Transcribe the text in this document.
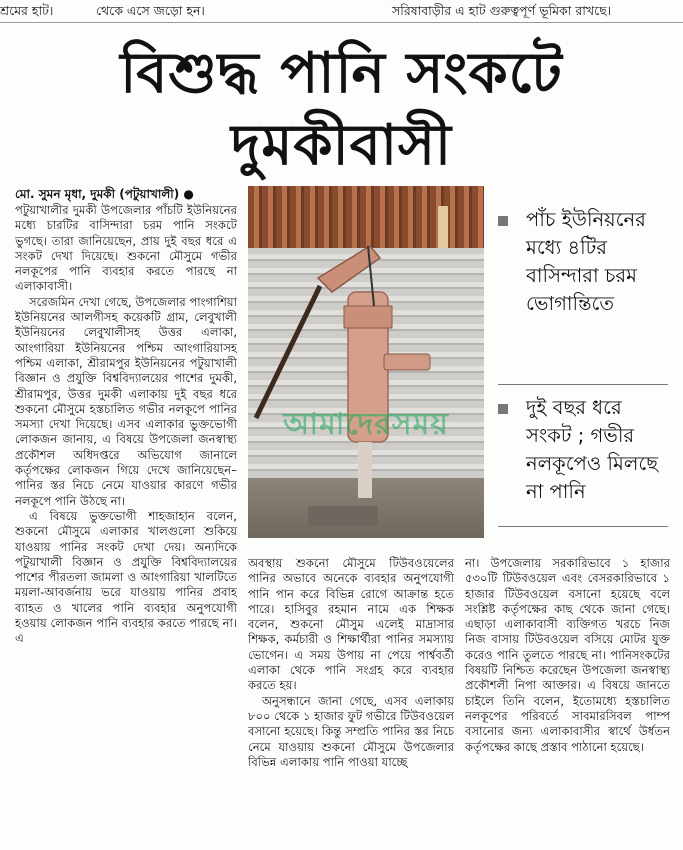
শ্রমের হাট।	থেকে এসে জড়ো হন।	সরিষাবাড়ীর এ হাট গুরুত্বপূর্ণ ভূমিকা রাখছে।
বিশুদ্ধ পানি সংকটে
দুমকীবাসী
মো. সুমন মৃধা, দুমকী (পটুয়াখালী) ●

পটুয়াখালীর দুমকী উপজেলার পাঁচটি ইউনিয়নের মধ্যে চারটির বাসিন্দারা চরম পানি সংকটে ভুগছে। তারা জানিয়েছেন, প্রায় দুই বছর ধরে এ সংকট দেখা দিয়েছে। শুকনো মৌসুমে গভীর নলকূপের পানি ব্যবহার করতে পারছে না এলাকাবাসী।

সরেজমিন দেখা গেছে, উপজেলার পাংগাশিয়া ইউনিয়নের আলগীসহ কয়েকটি গ্রাম, লেবুখালী ইউনিয়নের লেবুখালীসহ উত্তর এলাকা, আংগারিয়া ইউনিয়নের পশ্চিম আংগারিয়াসহ পশ্চিম এলাকা, শ্রীরামপুর ইউনিয়নের পটুয়াখালী বিজ্ঞান ও প্রযুক্তি বিশ্ববিদ্যালয়ের পাশের দুমকী, শ্রীরামপুর, উত্তর দুমকী এলাকায় দুই বছর ধরে শুকনো মৌসুমে হস্তচালিত গভীর নলকূপে পানির সমস্যা দেখা দিয়েছে। এসব এলাকার ভুক্তভোগী লোকজন জানায়, এ বিষয়ে উপজেলা জনস্বাস্থ্য প্রকৌশল অধিদপ্তরে অভিযোগ জানালে কর্তৃপক্ষের লোকজন গিয়ে দেখে জানিয়েছেন– পানির স্তর নিচে নেমে যাওয়ার কারণে গভীর নলকূপে পানি উঠছে না।

এ বিষয়ে ভুক্তভোগী শাহজাহান বলেন, শুকনো মৌসুমে এলাকার খালগুলো শুকিয়ে যাওয়ায় পানির সংকট দেখা দেয়। অন্যদিকে পটুয়াখালী বিজ্ঞান ও প্রযুক্তি বিশ্ববিদ্যালয়ের পাশের পীরতলা জামলা ও আংগারিয়া খালটিতে ময়লা-আবর্জনায় ভরে যাওয়ায় পানির প্রবাহ ব্যাহত ও খালের পানি ব্যবহার অনুপযোগী হওয়ায় লোকজন পানি ব্যবহার করতে পারছে না। এ

আমাদেরসময়
পাঁচ ইউনিয়নের মধ্যে ৪টির বাসিন্দারা চরম ভোগান্তিতে
দুই বছর ধরে সংকট ; গভীর নলকূপেও মিলছে না পানি

অবস্থায় শুকনো মৌসুমে টিউবওয়েলের পানির অভাবে অনেকে ব্যবহার অনুপযোগী পানি পান করে বিভিন্ন রোগে আক্রান্ত হতে পারে। হাসিবুর রহমান নামে এক শিক্ষক বলেন, শুকনো মৌসুম এলেই মাদ্রাসার শিক্ষক, কর্মচারী ও শিক্ষার্থীরা পানির সমস্যায় ভোগেন। এ সময় উপায় না পেয়ে পার্শ্ববর্তী এলাকা থেকে পানি সংগ্রহ করে ব্যবহার করতে হয়।

অনুসন্ধানে জানা গেছে, এসব এলাকায় ৮০০ থেকে ১ হাজার ফুট গভীরে টিউবওয়েল বসানো হয়েছে। কিন্তু সম্প্রতি পানির স্তর নিচে নেমে যাওয়ায় শুকনো মৌসুমে উপজেলার বিভিন্ন এলাকায় পানি পাওয়া যাচ্ছে

না। উপজেলায় সরকারিভাবে ১ হাজার ৫৩০টি টিউবওয়েল এবং বেসরকারিভাবে ১ হাজার টিউবওয়েল বসানো হয়েছে বলে সংশ্লিষ্ট কর্তৃপক্ষের কাছ থেকে জানা গেছে। এছাড়া এলাকাবাসী ব্যক্তিগত খরচে নিজ নিজ বাসায় টিউবওয়েল বসিয়ে মোটর যুক্ত করেও পানি তুলতে পারছে না। পানিসংকটের বিষয়টি নিশ্চিত করেছেন উপজেলা জনস্বাস্থ্য প্রকৌশলী নিপা আক্তার। এ বিষয়ে জানতে চাইলে তিনি বলেন, ইতোমধ্যে হস্তচালিত নলকূপের পরিবর্তে সাবমারসিবল পাম্প বসানোর জন্য এলাকাবাসীর স্বার্থে উর্ধতন কর্তৃপক্ষের কাছে প্রস্তাব পাঠানো হয়েছে।
